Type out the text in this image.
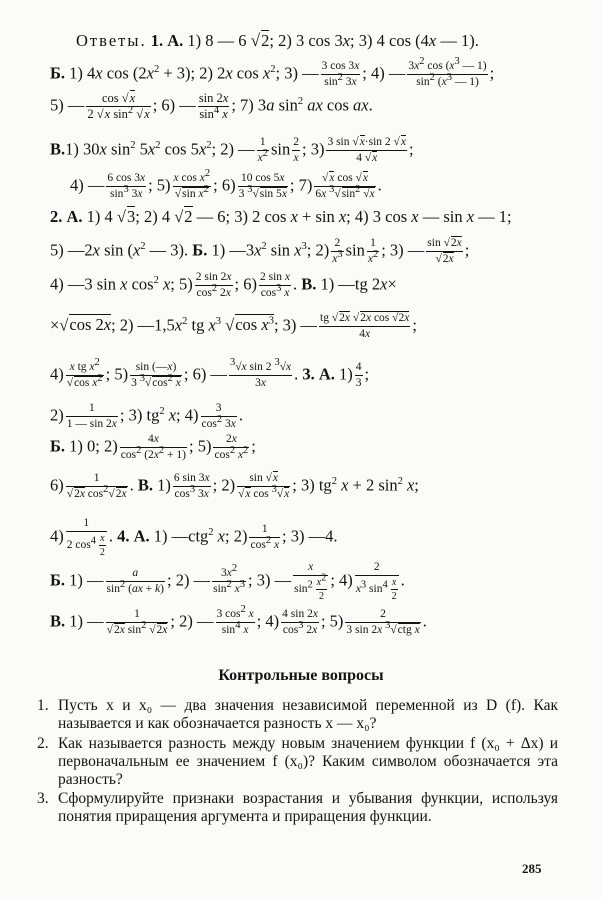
Ответы. 1. А. 1) 8 — 6 √2; 2) 3 cos 3x; 3) 4 cos (4x — 1).
Б. 1) 4x $\cos (2x^2 + 3)$; 2) 2x $\cos x^2$; 3) — $\frac{3 \cos 3x}{\sin^2 3x}$ ; 4) — $\frac{3x^2 \cos (x^3 — 1)}{\sin^2 (x^3 — 1)}$ ;
5) — $\frac{\cos √x}{2 √x \sin^2 √x}$ ; 6) — $\frac{\sin 2x}{\sin^4 x}$ ; 7) 3a $\sin^2$ ax cos ax.
В.1) 30x $\sin^2 5x^2$ $\cos 5x^2$; 2) — $\frac{1}{x^2}$ $\sin \frac{2}{x}$ ; $3) \frac{3 \sin √x\cdot\sin 2 √x}{4 √x}$ ;
4) — $\frac{6 \cos 3x}{\sin^3 3x}$ ; $5) \frac{x \cos x^2}{√\sin x^2}$ ; $6) \frac{10 \cos 5x}{3 ^3√\sin 5x}$ ; $7) \frac{\text{√x cos √x}}{6x ^3√\sin^2 √x}$ .
2. А. 1) 4 √3; 2) 4 √2 — 6; 3) 2 cos x + sin x; 4) 3 cos x — sin x — 1;
5) —2x $\sin (x^2$ — 3). Б. 1) $—3x^2$ $\sin x^3$; $2) \frac{2}{x^3}$ $\sin \frac{1}{x^2}$ ; 3) — $\frac{\sin √2x}{√2x}$ ;
4) —3 sin x $\cos^2 x$; $5) \frac{2 \sin 2x}{\cos^2 2x}$ ; $6) \frac{\text{2 sin x}}{\cos^3 x}$ . В. 1) —tg 2x×
×√cos 2x; 2) $—1,5x^2$ tg $x^3$ √cos $x^3$; 3) — $\frac{\text{tg √2x √2x cos √2x}}{4x}$ ;
$4) \frac{x tg x^2}{√\cos x^2}$ ; $5) \frac{\sin (—x)}{3 ^3√\cos^2 x}$ ; 6) — $\frac{^3√x \sin 2 ^3√x}{3x}$ . 3. А. $1) \frac{4}{3}$ ;
$2) \frac{1}{1 — \sin 2x}$ ; 3) $tg^2$ x; $4) \frac{3}{\cos^2 3x}$ .
Б. 1) 0; $2) \frac{4x}{\cos^2 (2x^2 + 1)}$ ; $5) \frac{2x}{\cos^2 x^2}$ ;
$6) \frac{1}{√2x \cos^2√2x}$ . В. $1) \frac{6 \sin 3x}{\cos^3 3x}$ ; $2) \frac{\sin √x}{√x \cos ^3√x}$ ; 3) $tg^2$ x + 2 $\sin^2 x$;
$4) \frac{1}{2 \cos^4 \frac{x}{2}}$ . 4. А. 1) —ctg$^2$ x; $2) \frac{1}{\cos^2 x}$ ; 3) —4.
Б. 1) — $\frac{a}{\sin^2 (ax + k)}$ ; 2) — $\frac{3x^2}{\sin^2 x^3}$ ; 3) — $\frac{x}{\sin^2 \frac{x^2}{2}}$ ; $4) \frac{2}{x^3 \sin^4 \frac{x}{2}}$ .
В. 1) — $\frac{1}{√2x \sin^2 √2x}$ ; 2) — $\frac{3 \cos^2 x}{\sin^4 x}$ ; $4) \frac{4 \sin 2x}{\cos^3 2x}$ ; $5) \frac{2}{3 \sin 2x ^3√ctg x}$ .
Контрольные вопросы
1. Пусть x и x₀ — два значения независимой переменной из D (f). Как называется и как обозначается разность x — x₀?
2. Как называется разность между новым значением функции f (x₀ + Δx) и первоначальным ее значением f (x₀)? Каким символом обозначается эта разность?
3. Сформулируйте признаки возрастания и убывания функции, используя понятия приращения аргумента и приращения функции.
285
